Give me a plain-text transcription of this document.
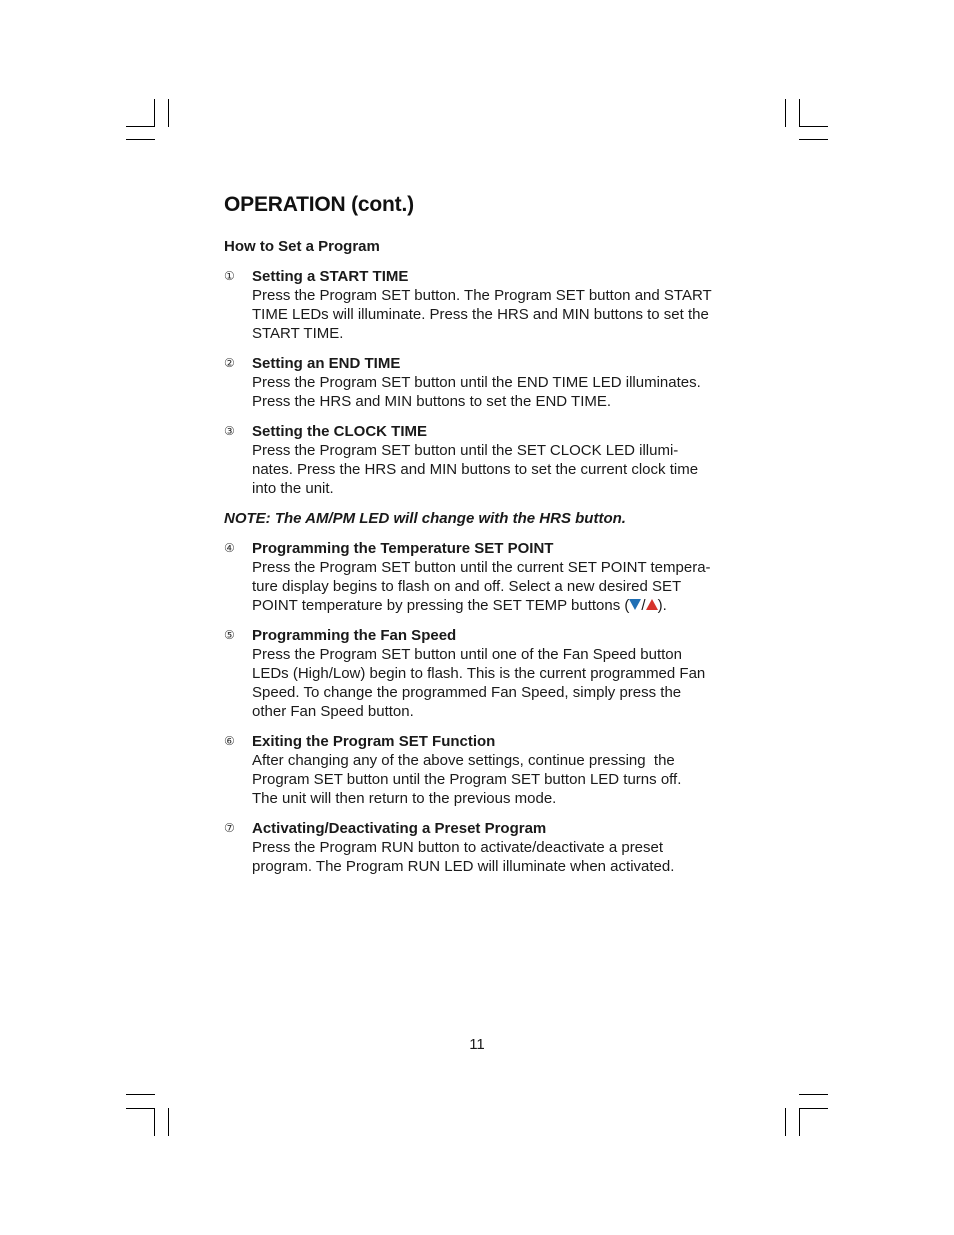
OPERATION (cont.)
How to Set a Program
① Setting a START TIME
Press the Program SET button. The Program SET button and START
TIME LEDs will illuminate. Press the HRS and MIN buttons to set the
START TIME.
② Setting an END TIME
Press the Program SET button until the END TIME LED illuminates.
Press the HRS and MIN buttons to set the END TIME.
③ Setting the CLOCK TIME
Press the Program SET button until the SET CLOCK LED illumi-
nates. Press the HRS and MIN buttons to set the current clock time
into the unit.
NOTE: The AM/PM LED will change with the HRS button.
④ Programming the Temperature SET POINT
Press the Program SET button until the current SET POINT tempera-
ture display begins to flash on and off. Select a new desired SET
POINT temperature by pressing the SET TEMP buttons ( / ).
⑤ Programming the Fan Speed
Press the Program SET button until one of the Fan Speed button
LEDs (High/Low) begin to flash. This is the current programmed Fan
Speed. To change the programmed Fan Speed, simply press the
other Fan Speed button.
⑥ Exiting the Program SET Function
After changing any of the above settings, continue pressing  the
Program SET button until the Program SET button LED turns off.
The unit will then return to the previous mode.
⑦ Activating/Deactivating a Preset Program
Press the Program RUN button to activate/deactivate a preset
program. The Program RUN LED will illuminate when activated.
11
